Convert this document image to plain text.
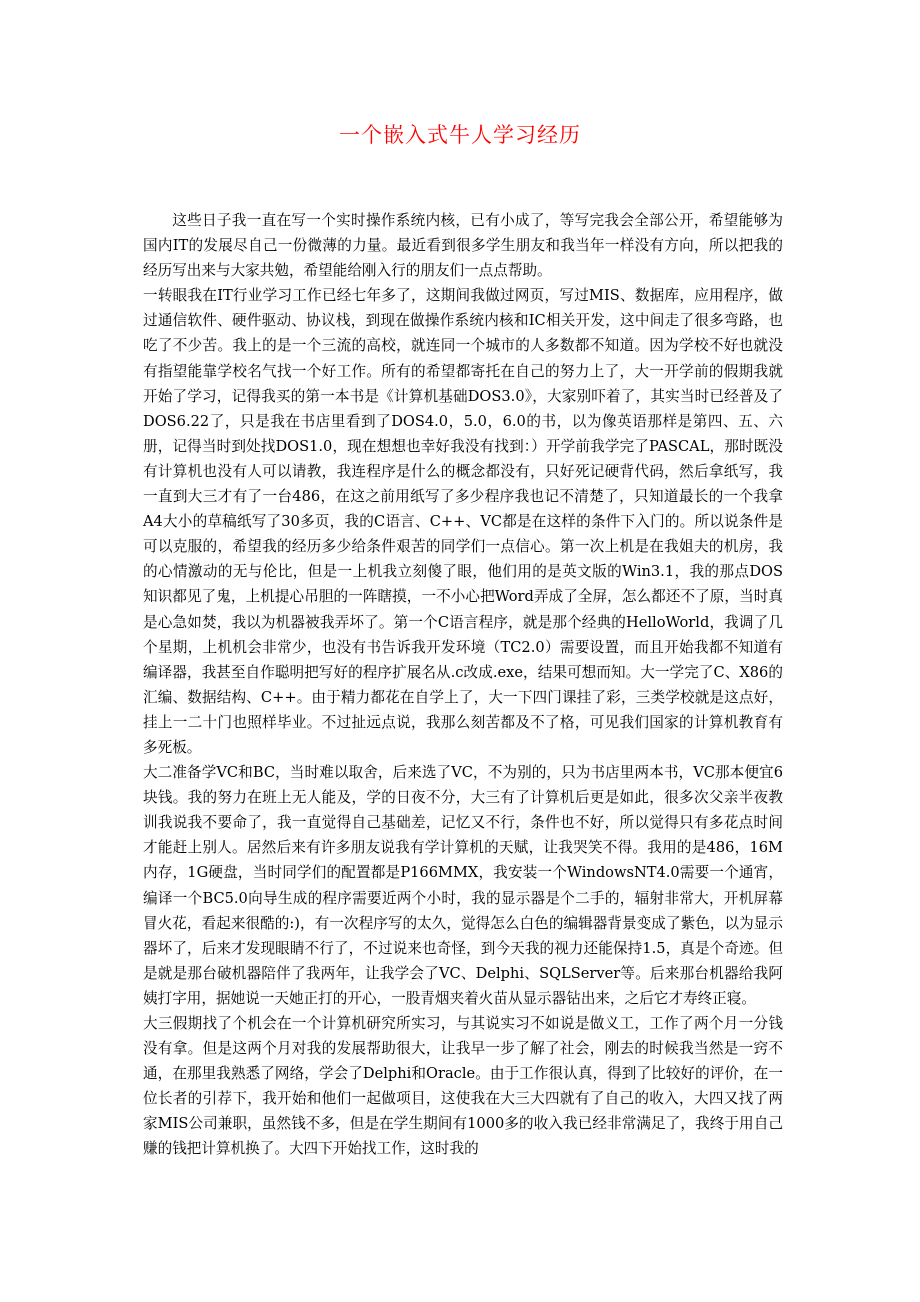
一个嵌入式牛人学习经历

这些日子我一直在写一个实时操作系统内核，已有小成了，等写完我会全部公开，希望能够为国内IT的发展尽自己一份微薄的力量。最近看到很多学生朋友和我当年一样没有方向，所以把我的经历写出来与大家共勉，希望能给刚入行的朋友们一点点帮助。

一转眼我在IT行业学习工作已经七年多了，这期间我做过网页，写过MIS、数据库，应用程序，做过通信软件、硬件驱动、协议栈，到现在做操作系统内核和IC相关开发，这中间走了很多弯路，也吃了不少苦。我上的是一个三流的高校，就连同一个城市的人多数都不知道。因为学校不好也就没有指望能靠学校名气找一个好工作。所有的希望都寄托在自己的努力上了，大一开学前的假期我就开始了学习，记得我买的第一本书是《计算机基础DOS3.0》，大家别吓着了，其实当时已经普及了DOS6.22了，只是我在书店里看到了DOS4.0，5.0，6.0的书，以为像英语那样是第四、五、六册，记得当时到处找DOS1.0，现在想想也幸好我没有找到：）开学前我学完了PASCAL，那时既没有计算机也没有人可以请教，我连程序是什么的概念都没有，只好死记硬背代码，然后拿纸写，我一直到大三才有了一台486，在这之前用纸写了多少程序我也记不清楚了，只知道最长的一个我拿A4大小的草稿纸写了30多页，我的C语言、C++、VC都是在这样的条件下入门的。所以说条件是可以克服的，希望我的经历多少给条件艰苦的同学们一点信心。第一次上机是在我姐夫的机房，我的心情激动的无与伦比，但是一上机我立刻傻了眼，他们用的是英文版的Win3.1，我的那点DOS知识都见了鬼，上机提心吊胆的一阵瞎摸，一不小心把Word弄成了全屏，怎么都还不了原，当时真是心急如焚，我以为机器被我弄坏了。第一个C语言程序，就是那个经典的HelloWorld，我调了几个星期，上机机会非常少，也没有书告诉我开发环境（TC2.0）需要设置，而且开始我都不知道有编译器，我甚至自作聪明把写好的程序扩展名从.c改成.exe，结果可想而知。大一学完了C、X86的汇编、数据结构、C++。由于精力都花在自学上了，大一下四门课挂了彩，三类学校就是这点好，挂上一二十门也照样毕业。不过扯远点说，我那么刻苦都及不了格，可见我们国家的计算机教育有多死板。

大二准备学VC和BC，当时难以取舍，后来选了VC，不为别的，只为书店里两本书，VC那本便宜6块钱。我的努力在班上无人能及，学的日夜不分，大三有了计算机后更是如此，很多次父亲半夜教训我说我不要命了，我一直觉得自己基础差，记忆又不行，条件也不好，所以觉得只有多花点时间才能赶上别人。居然后来有许多朋友说我有学计算机的天赋，让我哭笑不得。我用的是486，16M内存，1G硬盘，当时同学们的配置都是P166MMX，我安装一个WindowsNT4.0需要一个通宵，编译一个BC5.0向导生成的程序需要近两个小时，我的显示器是个二手的，辐射非常大，开机屏幕冒火花，看起来很酷的:)，有一次程序写的太久，觉得怎么白色的编辑器背景变成了紫色，以为显示器坏了，后来才发现眼睛不行了，不过说来也奇怪，到今天我的视力还能保持1.5，真是个奇迹。但是就是那台破机器陪伴了我两年，让我学会了VC、Delphi、SQLServer等。后来那台机器给我阿姨打字用，据她说一天她正打的开心，一股青烟夹着火苗从显示器钻出来，之后它才寿终正寝。

大三假期找了个机会在一个计算机研究所实习，与其说实习不如说是做义工，工作了两个月一分钱没有拿。但是这两个月对我的发展帮助很大，让我早一步了解了社会，刚去的时候我当然是一窍不通，在那里我熟悉了网络，学会了Delphi和Oracle。由于工作很认真，得到了比较好的评价，在一位长者的引荐下，我开始和他们一起做项目，这使我在大三大四就有了自己的收入，大四又找了两家MIS公司兼职，虽然钱不多，但是在学生期间有1000多的收入我已经非常满足了，我终于用自己赚的钱把计算机换了。大四下开始找工作，这时我的
